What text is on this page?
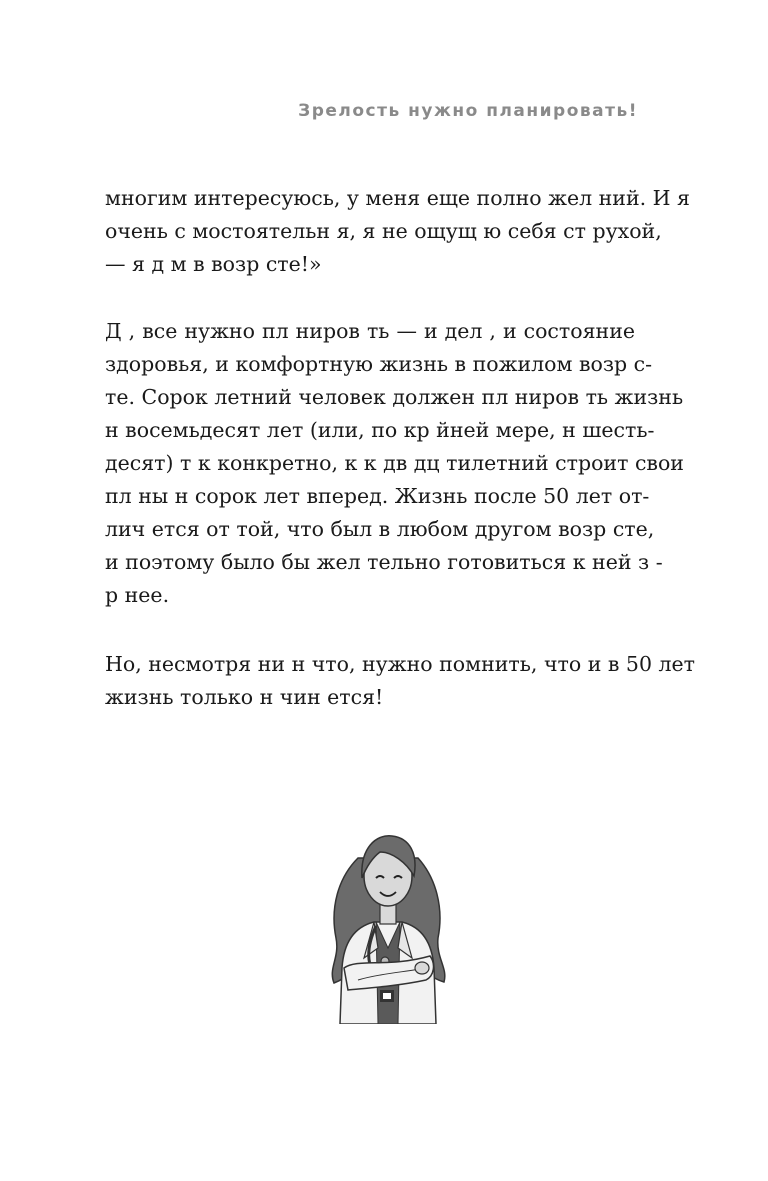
Зрелость нужно планировать!
многим интересуюсь, у меня еще полно жел ний. И я
очень с мостоятельн я, я не ощущ ю себя ст рухой,
— я д м в возр сте!»
Д , все нужно пл ниров ть — и дел , и состояние
здоровья, и комфортную жизнь в пожилом возр с-
те. Сорок летний человек должен пл ниров ть жизнь
н восемьдесят лет (или, по кр йней мере, н шесть-
десят) т к конкретно, к к дв дц тилетний строит свои
пл ны н сорок лет вперед. Жизнь после 50 лет от-
лич ется от той, что был в любом другом возр сте,
и поэтому было бы жел тельно готовиться к ней з -
р нее.
Но, несмотря ни н что, нужно помнить, что и в 50 лет
жизнь только н чин ется!
